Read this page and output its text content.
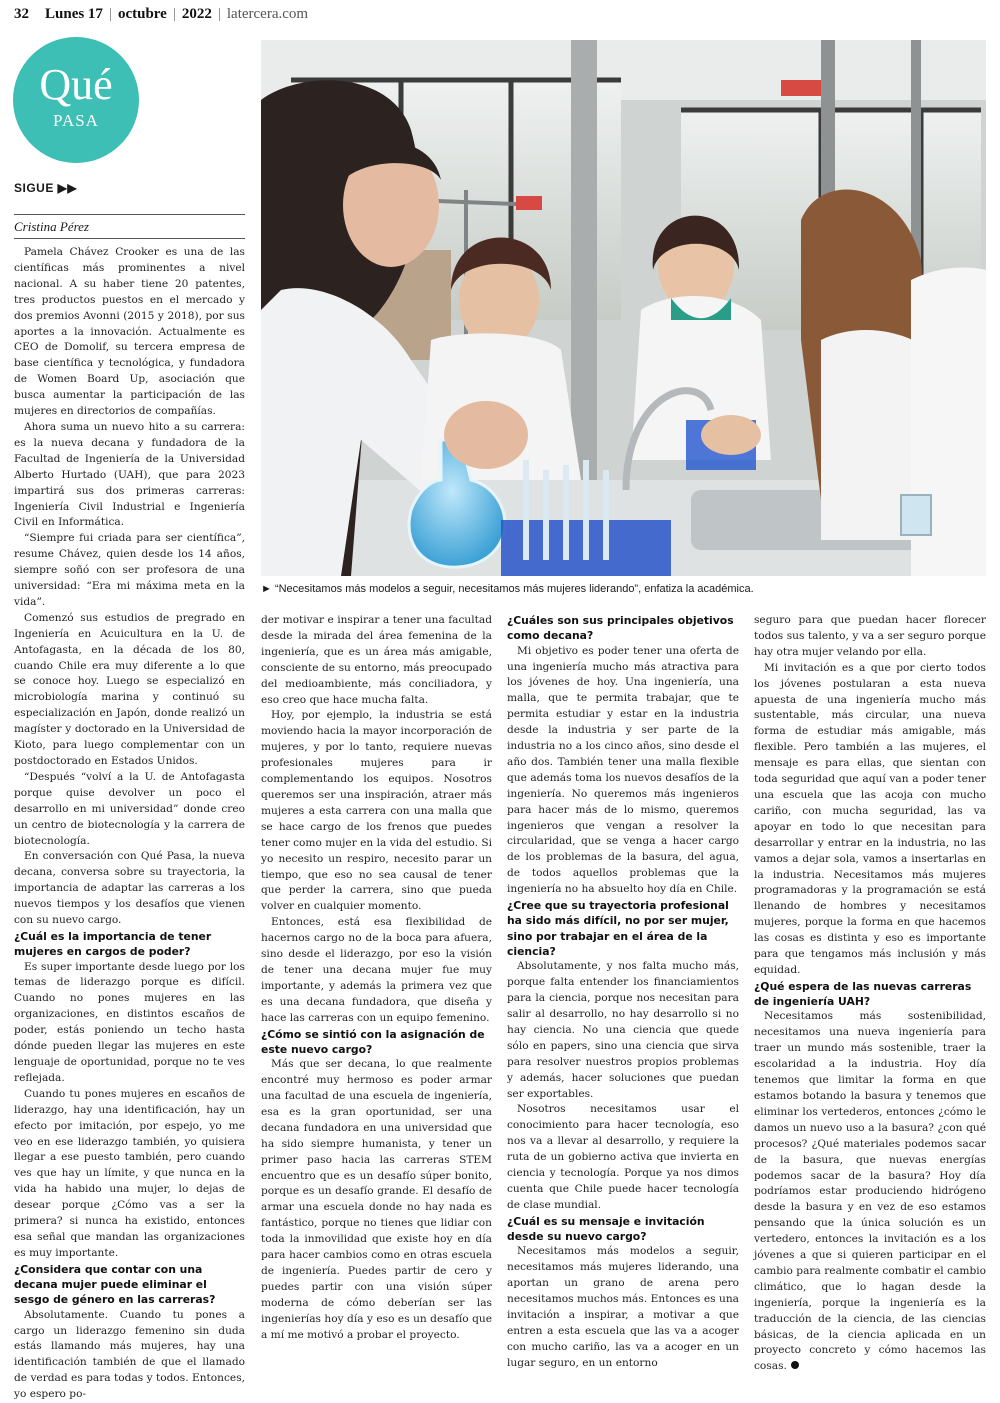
32 Lunes 17 | octubre | 2022 | latercera.com
Qué
PASA
SIGUE ▶▶
Cristina Pérez
► “Necesitamos más modelos a seguir, necesitamos más mujeres liderando”, enfatiza la académica.

Pamela Chávez Crooker es una de las científicas más prominentes a nivel nacional. A su haber tiene 20 patentes, tres productos puestos en el mercado y dos premios Avonni (2015 y 2018), por sus aportes a la innovación. Actualmente es CEO de Domolif, su tercera empresa de base científica y tecnológica, y fundadora de Women Board Up, asociación que busca aumentar la participación de las mujeres en directorios de compañías.

Ahora suma un nuevo hito a su carrera: es la nueva decana y fundadora de la Facultad de Ingeniería de la Universidad Alberto Hurtado (UAH), que para 2023 impartirá sus dos primeras carreras: Ingeniería Civil Industrial e Ingeniería Civil en Informática.

“Siempre fui criada para ser científica”, resume Chávez, quien desde los 14 años, siempre soñó con ser profesora de una universidad: “Era mi máxima meta en la vida”.

Comenzó sus estudios de pregrado en Ingeniería en Acuicultura en la U. de Antofagasta, en la década de los 80, cuando Chile era muy diferente a lo que se conoce hoy. Luego se especializó en microbiología marina y continuó su especialización en Japón, donde realizó un magíster y doctorado en la Universidad de Kioto, para luego complementar con un postdoctorado en Estados Unidos.

“Después “volví a la U. de Antofagasta porque quise devolver un poco el desarrollo en mi universidad” donde creo un centro de biotecnología y la carrera de biotecnología.

En conversación con Qué Pasa, la nueva decana, conversa sobre su trayectoria, la importancia de adaptar las carreras a los nuevos tiempos y los desafíos que vienen con su nuevo cargo.

¿Cuál es la importancia de tener mujeres en cargos de poder?

Es super importante desde luego por los temas de liderazgo porque es difícil. Cuando no pones mujeres en las organizaciones, en distintos escaños de poder, estás poniendo un techo hasta dónde pueden llegar las mujeres en este lenguaje de oportunidad, porque no te ves reflejada.

Cuando tu pones mujeres en escaños de liderazgo, hay una identificación, hay un efecto por imitación, por espejo, yo me veo en ese liderazgo también, yo quisiera llegar a ese puesto también, pero cuando ves que hay un límite, y que nunca en la vida ha habido una mujer, lo dejas de desear porque ¿Cómo vas a ser la primera? si nunca ha existido, entonces esa señal que mandan las organizaciones es muy importante.

¿Considera que contar con una decana mujer puede eliminar el sesgo de género en las carreras?

Absolutamente. Cuando tu pones a cargo un liderazgo femenino sin duda estás llamando más mujeres, hay una identificación también de que el llamado de verdad es para todas y todos. Entonces, yo espero po-

der motivar e inspirar a tener una facultad desde la mirada del área femenina de la ingeniería, que es un área más amigable, consciente de su entorno, más preocupado del medioambiente, más conciliadora, y eso creo que hace mucha falta.

Hoy, por ejemplo, la industria se está moviendo hacia la mayor incorporación de mujeres, y por lo tanto, requiere nuevas profesionales mujeres para ir complementando los equipos. Nosotros queremos ser una inspiración, atraer más mujeres a esta carrera con una malla que se hace cargo de los frenos que puedes tener como mujer en la vida del estudio. Si yo necesito un respiro, necesito parar un tiempo, que eso no sea causal de tener que perder la carrera, sino que pueda volver en cualquier momento.

Entonces, está esa flexibilidad de hacernos cargo no de la boca para afuera, sino desde el liderazgo, por eso la visión de tener una decana mujer fue muy importante, y además la primera vez que es una decana fundadora, que diseña y hace las carreras con un equipo femenino.

¿Cómo se sintió con la asignación de este nuevo cargo?

Más que ser decana, lo que realmente encontré muy hermoso es poder armar una facultad de una escuela de ingeniería, esa es la gran oportunidad, ser una decana fundadora en una universidad que ha sido siempre humanista, y tener un primer paso hacia las carreras STEM encuentro que es un desafío súper bonito, porque es un desafío grande. El desafío de armar una escuela donde no hay nada es fantástico, porque no tienes que lidiar con toda la inmovilidad que existe hoy en día para hacer cambios como en otras escuela de ingeniería. Puedes partir de cero y puedes partir con una visión súper moderna de cómo deberían ser las ingenierías hoy día y eso es un desafío que a mí me motivó a probar el proyecto.

¿Cuáles son sus principales objetivos como decana?

Mi objetivo es poder tener una oferta de una ingeniería mucho más atractiva para los jóvenes de hoy. Una ingeniería, una malla, que te permita trabajar, que te permita estudiar y estar en la industria desde la industria y ser parte de la industria no a los cinco años, sino desde el año dos. También tener una malla flexible que además toma los nuevos desafíos de la ingeniería. No queremos más ingenieros para hacer más de lo mismo, queremos ingenieros que vengan a resolver la circularidad, que se venga a hacer cargo de los problemas de la basura, del agua, de todos aquellos problemas que la ingeniería no ha absuelto hoy día en Chile.

¿Cree que su trayectoria profesional ha sido más difícil, no por ser mujer, sino por trabajar en el área de la ciencia?

Absolutamente, y nos falta mucho más, porque falta entender los financiamientos para la ciencia, porque nos necesitan para salir al desarrollo, no hay desarrollo si no hay ciencia. No una ciencia que quede sólo en papers, sino una ciencia que sirva para resolver nuestros propios problemas y además, hacer soluciones que puedan ser exportables.

Nosotros necesitamos usar el conocimiento para hacer tecnología, eso nos va a llevar al desarrollo, y requiere la ruta de un gobierno activa que invierta en ciencia y tecnología. Porque ya nos dimos cuenta que Chile puede hacer tecnología de clase mundial.

¿Cuál es su mensaje e invitación desde su nuevo cargo?

Necesitamos más modelos a seguir, necesitamos más mujeres liderando, una aportan un grano de arena pero necesitamos muchos más. Entonces es una invitación a inspirar, a motivar a que entren a esta escuela que las va a acoger con mucho cariño, las va a acoger en un lugar seguro, en un entorno

seguro para que puedan hacer florecer todos sus talento, y va a ser seguro porque hay otra mujer velando por ella.

Mi invitación es a que por cierto todos los jóvenes postularan a esta nueva apuesta de una ingeniería mucho más sustentable, más circular, una nueva forma de estudiar más amigable, más flexible. Pero también a las mujeres, el mensaje es para ellas, que sientan con toda seguridad que aquí van a poder tener una escuela que las acoja con mucho cariño, con mucha seguridad, las va apoyar en todo lo que necesitan para desarrollar y entrar en la industria, no las vamos a dejar sola, vamos a insertarlas en la industria. Necesitamos más mujeres programadoras y la programación se está llenando de hombres y necesitamos mujeres, porque la forma en que hacemos las cosas es distinta y eso es importante para que tengamos más inclusión y más equidad.

¿Qué espera de las nuevas carreras de ingeniería UAH?

Necesitamos más sostenibilidad, necesitamos una nueva ingeniería para traer un mundo más sostenible, traer la escolaridad a la industria. Hoy día tenemos que limitar la forma en que estamos botando la basura y tenemos que eliminar los vertederos, entonces ¿cómo le damos un nuevo uso a la basura? ¿con qué procesos? ¿Qué materiales podemos sacar de la basura, que nuevas energías podemos sacar de la basura? Hoy día podríamos estar produciendo hidrógeno desde la basura y en vez de eso estamos pensando que la única solución es un vertedero, entonces la invitación es a los jóvenes a que si quieren participar en el cambio para realmente combatir el cambio climático, que lo hagan desde la ingeniería, porque la ingeniería es la traducción de la ciencia, de las ciencias básicas, de la ciencia aplicada en un proyecto concreto y cómo hacemos las cosas.
